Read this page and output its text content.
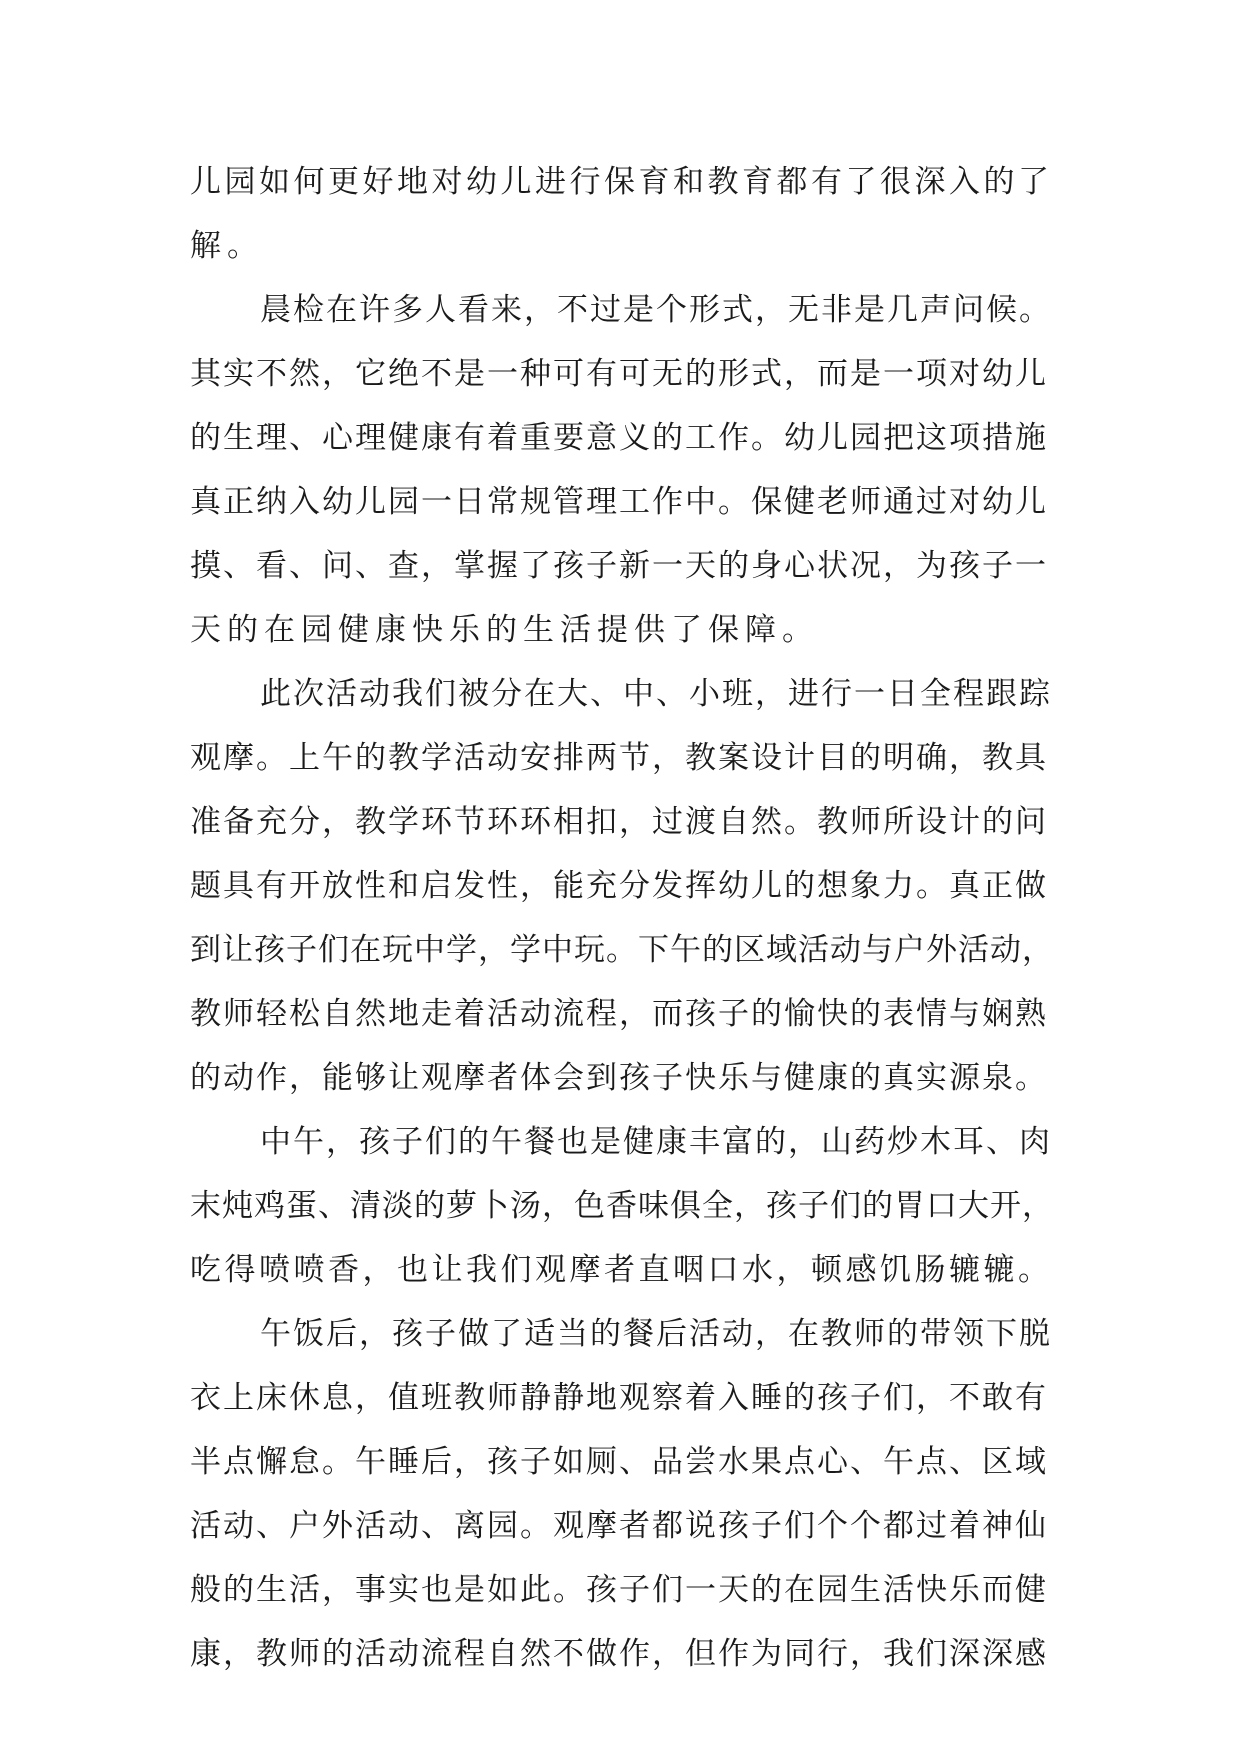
儿园如何更好地对幼儿进行保育和教育都有了很深入的了
解。
晨检在许多人看来，不过是个形式，无非是几声问候。
其实不然，它绝不是一种可有可无的形式，而是一项对幼儿
的生理、心理健康有着重要意义的工作。幼儿园把这项措施
真正纳入幼儿园一日常规管理工作中。保健老师通过对幼儿
摸、看、问、查，掌握了孩子新一天的身心状况，为孩子一
天的在园健康快乐的生活提供了保障。
此次活动我们被分在大、中、小班，进行一日全程跟踪
观摩。上午的教学活动安排两节，教案设计目的明确，教具
准备充分，教学环节环环相扣，过渡自然。教师所设计的问
题具有开放性和启发性，能充分发挥幼儿的想象力。真正做
到让孩子们在玩中学，学中玩。下午的区域活动与户外活动，
教师轻松自然地走着活动流程，而孩子的愉快的表情与娴熟
的动作，能够让观摩者体会到孩子快乐与健康的真实源泉。
中午，孩子们的午餐也是健康丰富的，山药炒木耳、肉
末炖鸡蛋、清淡的萝卜汤，色香味俱全，孩子们的胃口大开，
吃得喷喷香，也让我们观摩者直咽口水，顿感饥肠辘辘。
午饭后，孩子做了适当的餐后活动，在教师的带领下脱
衣上床休息，值班教师静静地观察着入睡的孩子们，不敢有
半点懈怠。午睡后，孩子如厕、品尝水果点心、午点、区域
活动、户外活动、离园。观摩者都说孩子们个个都过着神仙
般的生活，事实也是如此。孩子们一天的在园生活快乐而健
康，教师的活动流程自然不做作，但作为同行，我们深深感
